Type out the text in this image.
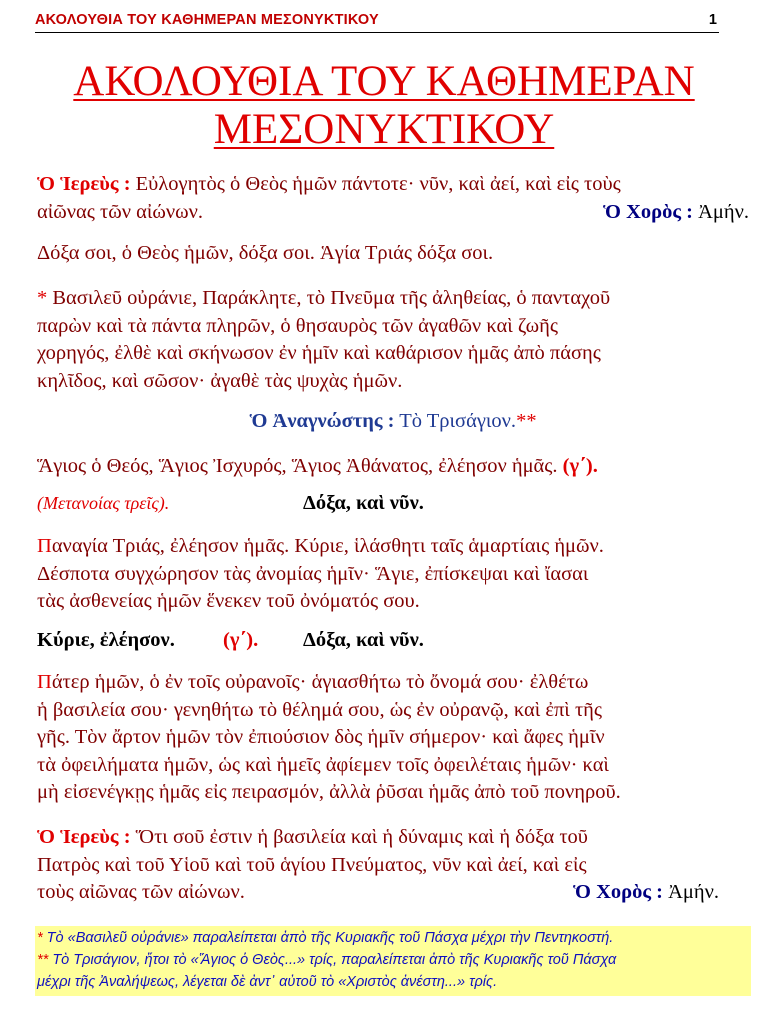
ΑΚΟΛΟΥΘΙΑ ΤΟΥ ΚΑΘΗΜΕΡΑΝ ΜΕΣΟΝΥΚΤΙΚΟΥ	1
ΑΚΟΛΟΥΘΙΑ ΤΟΥ ΚΑΘΗΜΕΡΑΝ
ΜΕΣΟΝΥΚΤΙΚΟΥ
Ὁ Ἱερεὺς : Εὐλογητὸς ὁ Θεὸς ἡμῶν πάντοτε· νῦν, καὶ ἀεί, καὶ εἰς τοὺς
αἰῶνας τῶν αἰώνων.	Ὁ Χορὸς : Ἀμήν.
Δόξα σοι, ὁ Θεὸς ἡμῶν, δόξα σοι. Ἁγία Τριάς δόξα σοι.
* Βασιλεῦ οὐράνιε, Παράκλητε, τὸ Πνεῦμα τῆς ἀληθείας, ὁ πανταχοῦ
παρὼν καὶ τὰ πάντα πληρῶν, ὁ θησαυρὸς τῶν ἀγαθῶν καὶ ζωῆς
χορηγός, ἐλθὲ καὶ σκήνωσον ἐν ἡμῖν καὶ καθάρισον ἡμᾶς ἀπὸ πάσης
κηλῖδος, καὶ σῶσον· ἀγαθὲ τὰς ψυχὰς ἡμῶν.
Ὁ Ἀναγνώστης : Τὸ Τρισάγιον.**
Ἅγιος ὁ Θεός, Ἅγιος Ἰσχυρός, Ἅγιος Ἀθάνατος, ἐλέησον ἡμᾶς. (γ΄).
(Μετανοίας τρεῖς).	Δόξα, καὶ νῦν.
Παναγία Τριάς, ἐλέησον ἡμᾶς. Κύριε, ἱλάσθητι ταῖς ἁμαρτίαις ἡμῶν.
Δέσποτα συγχώρησον τὰς ἀνομίας ἡμῖν· Ἅγιε, ἐπίσκεψαι καὶ ἴασαι
τὰς ἀσθενείας ἡμῶν ἕνεκεν τοῦ ὀνόματός σου.
Κύριε, ἐλέησον. (γ΄). Δόξα, καὶ νῦν.
Πάτερ ἡμῶν, ὁ ἐν τοῖς οὐρανοῖς· ἁγιασθήτω τὸ ὄνομά σου· ἐλθέτω
ἡ βασιλεία σου· γενηθήτω τὸ θέλημά σου, ὡς ἐν οὐρανῷ, καὶ ἐπὶ τῆς
γῆς. Τὸν ἄρτον ἡμῶν τὸν ἐπιούσιον δὸς ἡμῖν σήμερον· καὶ ἄφες ἡμῖν
τὰ ὀφειλήματα ἡμῶν, ὡς καὶ ἡμεῖς ἀφίεμεν τοῖς ὀφειλέταις ἡμῶν· καὶ
μὴ εἰσενέγκῃς ἡμᾶς εἰς πειρασμόν, ἀλλὰ ῥῦσαι ἡμᾶς ἀπὸ τοῦ πονηροῦ.
Ὁ Ἱερεὺς : Ὅτι σοῦ ἐστιν ἡ βασιλεία καὶ ἡ δύναμις καὶ ἡ δόξα τοῦ
Πατρὸς καὶ τοῦ Υἱοῦ καὶ τοῦ ἁγίου Πνεύματος, νῦν καὶ ἀεί, καὶ εἰς
τοὺς αἰῶνας τῶν αἰώνων.	Ὁ Χορὸς : Ἀμήν.
* Τὸ «Βασιλεῦ οὐράνιε» παραλείπεται ἀπὸ τῆς Κυριακῆς τοῦ Πάσχα μέχρι τὴν Πεντηκοστή.
** Τὸ Τρισάγιον, ἤτοι τὸ «Ἅγιος ὁ Θεὸς...» τρίς, παραλείπεται ἀπὸ τῆς Κυριακῆς τοῦ Πάσχα
μέχρι τῆς Ἀναλήψεως, λέγεται δὲ ἀντ᾽ αὐτοῦ τὸ «Χριστὸς ἀνέστη...» τρίς.
